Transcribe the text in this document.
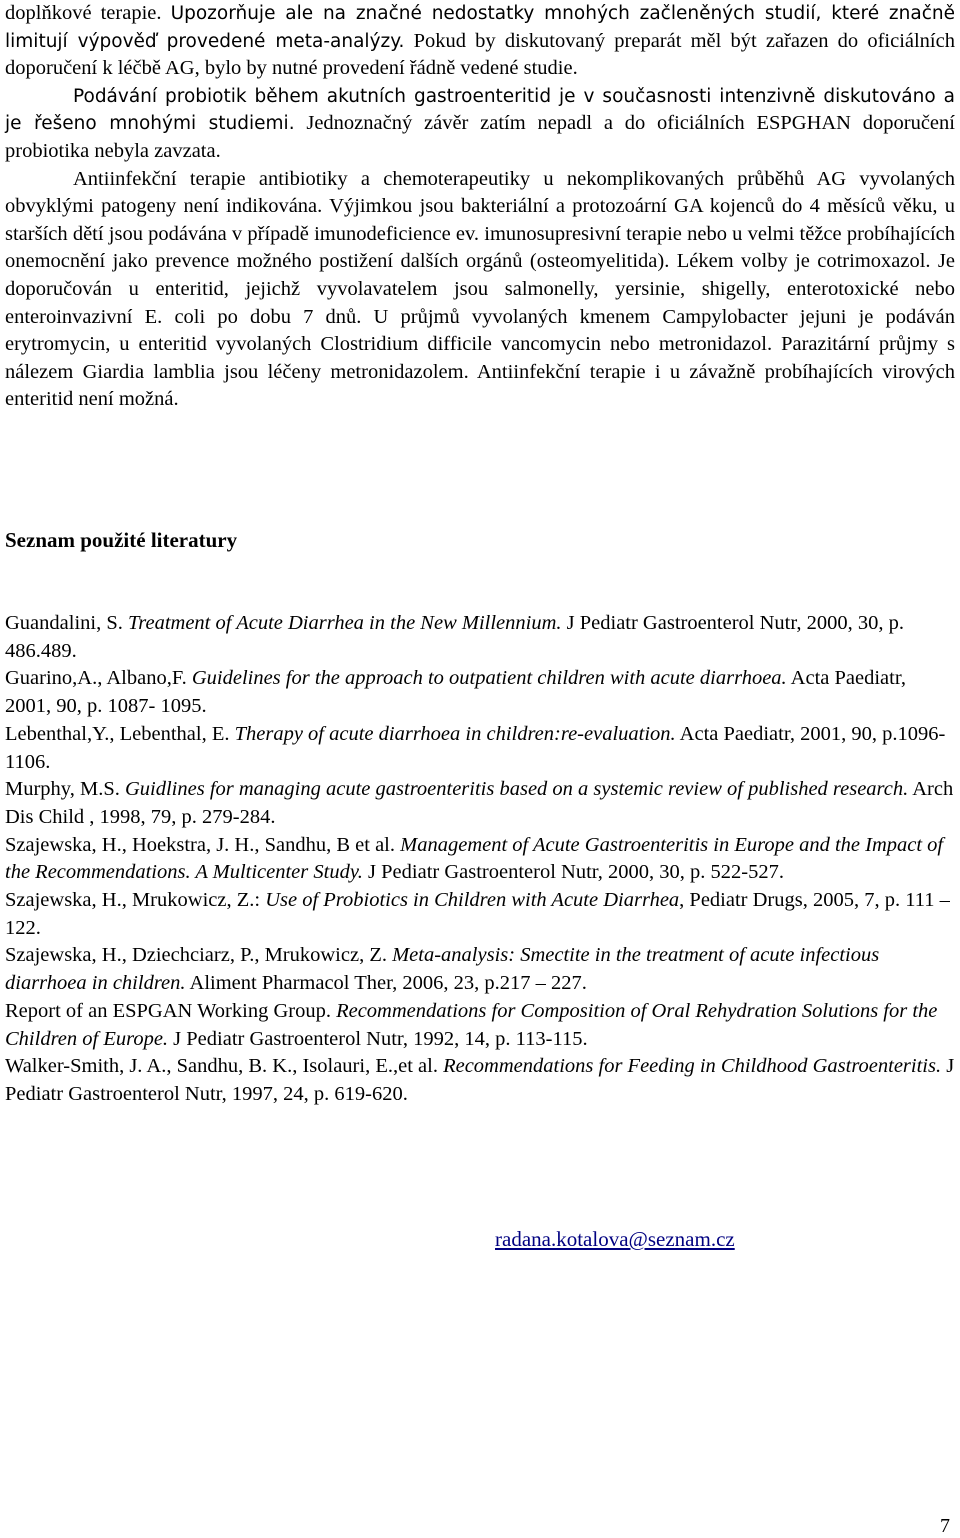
doplňkové terapie. Upozorňuje ale na značné nedostatky mnohých začleněných studií, které značně limitují výpověď provedené meta-analýzy. Pokud by diskutovaný preparát měl být zařazen do oficiálních doporučení k léčbě AG, bylo by nutné provedení řádně vedené studie.
Podávání probiotik během akutních gastroenteritid je v současnosti intenzivně diskutováno a je řešeno mnohými studiemi. Jednoznačný závěr zatím nepadl a do oficiálních ESPGHAN doporučení probiotika nebyla zavzata.
Antiinfekční terapie antibiotiky a chemoterapeutiky u nekomplikovaných průběhů AG vyvolaných obvyklými patogeny není indikována. Výjimkou jsou bakteriální a protozoární GA kojenců do 4 měsíců věku, u starších dětí jsou podávána v případě imunodeficience ev. imunosupresivní terapie nebo u velmi těžce probíhajících onemocnění jako prevence možného postižení dalších orgánů (osteomyelitida). Lékem volby je cotrimoxazol. Je doporučován u enteritid, jejichž vyvolavatelem jsou salmonelly, yersinie, shigelly, enterotoxické nebo enteroinvazivní E. coli po dobu 7 dnů. U průjmů vyvolaných kmenem Campylobacter jejuni je podáván erytromycin, u enteritid vyvolaných Clostridium difficile vancomycin nebo metronidazol. Parazitární průjmy s nálezem Giardia lamblia jsou léčeny metronidazolem. Antiinfekční terapie i u závažně probíhajících virových enteritid není možná.

Seznam použité literatury

Guandalini, S. Treatment of Acute Diarrhea in the New Millennium. J Pediatr Gastroenterol Nutr, 2000, 30, p. 486.489.

Guarino,A., Albano,F. Guidelines for the approach to outpatient children with acute diarrhoea. Acta Paediatr, 2001, 90, p. 1087- 1095.

Lebenthal,Y., Lebenthal, E. Therapy of acute diarrhoea in children:re-evaluation. Acta Paediatr, 2001, 90, p.1096-1106.

Murphy, M.S. Guidlines for managing acute gastroenteritis based on a systemic review of published research. Arch Dis Child , 1998, 79, p. 279-284.

Szajewska, H., Hoekstra, J. H., Sandhu, B et al. Management of Acute Gastroenteritis in Europe and the Impact of the Recommendations. A Multicenter Study. J Pediatr Gastroenterol Nutr, 2000, 30, p. 522-527.

Szajewska, H., Mrukowicz, Z.: Use of Probiotics in Children with Acute Diarrhea, Pediatr Drugs, 2005, 7, p. 111 – 122.

Szajewska, H., Dziechciarz, P., Mrukowicz, Z. Meta-analysis: Smectite in the treatment of acute infectious diarrhoea in children. Aliment Pharmacol Ther, 2006, 23, p.217 – 227.

Report of an ESPGAN Working Group. Recommendations for Composition of Oral Rehydration Solutions for the Children of Europe. J Pediatr Gastroenterol Nutr, 1992, 14, p. 113-115.

Walker-Smith, J. A., Sandhu, B. K., Isolauri, E.,et al. Recommendations for Feeding in Childhood Gastroenteritis. J Pediatr Gastroenterol Nutr, 1997, 24, p. 619-620.

radana.kotalova@seznam.cz
7
